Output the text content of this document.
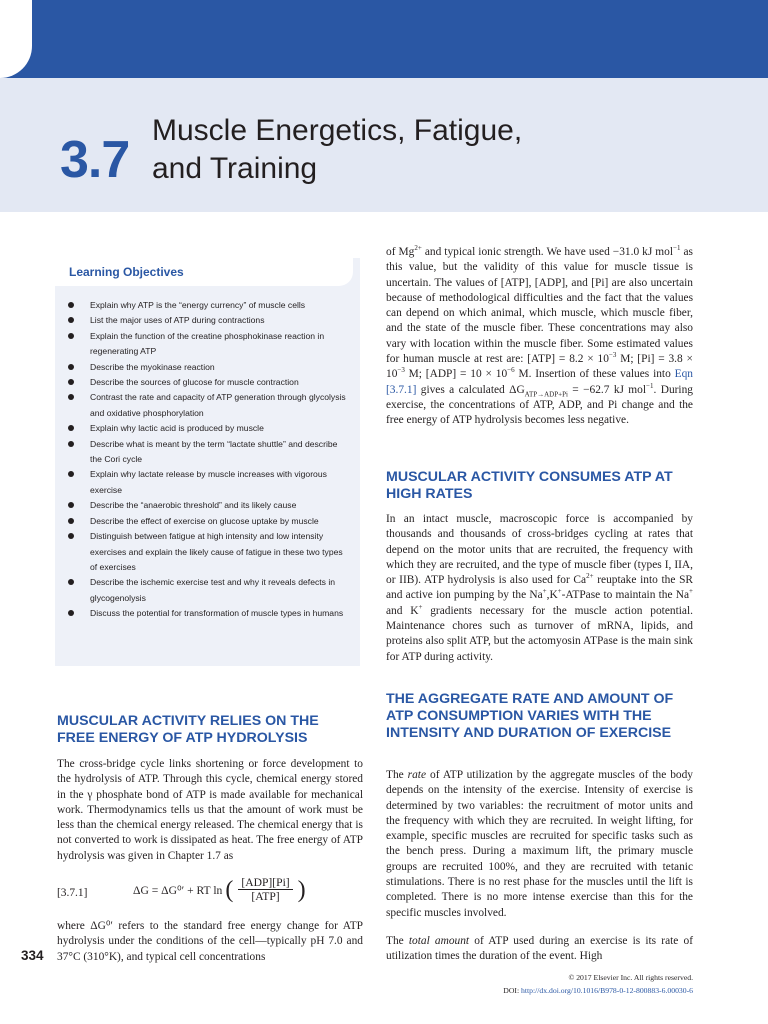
3.7
Muscle Energetics, Fatigue,
and Training
Learning Objectives
Explain why ATP is the “energy currency” of muscle cells
List the major uses of ATP during contractions
Explain the function of the creatine phosphokinase reaction in regenerating ATP
Describe the myokinase reaction
Describe the sources of glucose for muscle contraction
Contrast the rate and capacity of ATP generation through glycolysis and oxidative phosphorylation
Explain why lactic acid is produced by muscle
Describe what is meant by the term “lactate shuttle” and describe the Cori cycle
Explain why lactate release by muscle increases with vigorous exercise
Describe the “anaerobic threshold” and its likely cause
Describe the effect of exercise on glucose uptake by muscle
Distinguish between fatigue at high intensity and low intensity exercises and explain the likely cause of fatigue in these two types of exercises
Describe the ischemic exercise test and why it reveals defects in glycogenolysis
Discuss the potential for transformation of muscle types in humans
MUSCULAR ACTIVITY RELIES ON THE FREE ENERGY OF ATP HYDROLYSIS

The cross-bridge cycle links shortening or force development to the hydrolysis of ATP. Through this cycle, chemical energy stored in the γ phosphate bond of ATP is made available for mechanical work. Thermodynamics tells us that the amount of work must be less than the chemical energy released. The chemical energy that is not converted to work is dissipated as heat. The free energy of ATP hydrolysis was given in Chapter 1.7 as

[3.7.1]	ΔG = ΔG⁰′ + RT ln ( $\frac{\text{[ADP][Pi]}}{\text{[ATP]}}$ )

where ΔG⁰′ refers to the standard free energy change for ATP hydrolysis under the conditions of the cell—typically pH 7.0 and 37°C (310°K), and typical cell concentrations

334

of $Mg^{2+}$ and typical ionic strength. We have used −31.0 kJ mol$^{-1}$ as this value, but the validity of this value for muscle tissue is uncertain. The values of [ATP], [ADP], and [Pi] are also uncertain because of methodological difficulties and the fact that the values can depend on which animal, which muscle, which muscle fiber, and the state of the muscle fiber. These concentrations may also vary with location within the muscle fiber. Some estimated values for human muscle at rest are: $[ATP] = 8.2 \times 10^{-3}$ M; $[Pi] = 3.8 \times 10^{-3}$ M; $[ADP] = 10 \times 10^{-6}$ M. Insertion of these values into Eqn [3.7.1] gives a calculated $\Delta G_{ATP\to ADP+Pi} = -62.7$ kJ mol$^{-1}$. During exercise, the concentrations of ATP, ADP, and Pi change and the free energy of ATP hydrolysis becomes less negative.

MUSCULAR ACTIVITY CONSUMES ATP AT HIGH RATES

In an intact muscle, macroscopic force is accompanied by thousands and thousands of cross-bridges cycling at rates that depend on the motor units that are recruited, the frequency with which they are recruited, and the type of muscle fiber (types I, IIA, or IIB). ATP hydrolysis is also used for $Ca^{2+}$ reuptake into the SR and active ion pumping by the Na+,K+-ATPase to maintain the Na+ and K+ gradients necessary for the muscle action potential. Maintenance chores such as turnover of mRNA, lipids, and proteins also split ATP, but the actomyosin ATPase is the main sink for ATP during activity.

THE AGGREGATE RATE AND AMOUNT OF ATP CONSUMPTION VARIES WITH THE INTENSITY AND DURATION OF EXERCISE

The rate of ATP utilization by the aggregate muscles of the body depends on the intensity of the exercise. Intensity of exercise is determined by two variables: the recruitment of motor units and the frequency with which they are recruited. In weight lifting, for example, specific muscles are recruited for specific tasks such as the bench press. During a maximum lift, the primary muscle groups are recruited 100%, and they are recruited with tetanic stimulations. There is no rest phase for the muscles until the lift is completed. There is no more intense exercise than this for the specific muscles involved.

The total amount of ATP used during an exercise is its rate of utilization times the duration of the event. High

© 2017 Elsevier Inc. All rights reserved.
DOI: http://dx.doi.org/10.1016/B978-0-12-800883-6.00030-6
